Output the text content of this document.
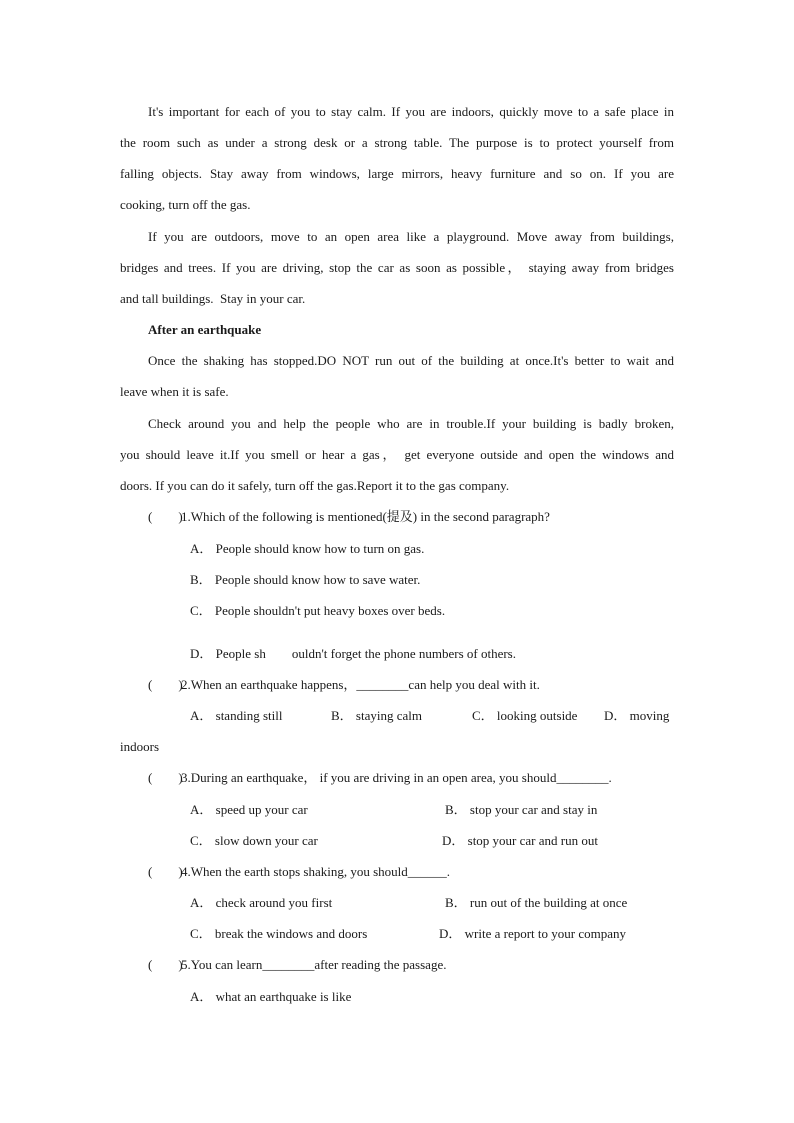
It's important for each of you to stay calm. If you are indoors, quickly move to a safe place in
the room such as under a strong desk or a strong table. The purpose is to protect yourself from
falling objects. Stay away from windows, large mirrors, heavy furniture and so on. If you are
cooking, turn off the gas.
If you are outdoors, move to an open area like a playground. Move away from buildings,
bridges and trees. If you are driving, stop the car as soon as possible， staying away from bridges
and tall buildings.  Stay in your car.
After an earthquake
Once the shaking has stopped.DO NOT run out of the building at once.It's better to wait and
leave when it is safe.
Check around you and help the people who are in trouble.If your building is badly broken,
you should leave it.If you smell or hear a gas， get everyone outside and open the windows and
doors. If you can do it safely, turn off the gas.Report it to the gas company.
(        )
1.Which of the following is mentioned(提及) in the second paragraph?
A． People should know how to turn on gas.
B． People should know how to save water.
C． People shouldn't put heavy boxes over beds.
D． People sh        ouldn't forget the phone numbers of others.
(        )
2.When an earthquake happens，________can help you deal with it.
A． standing still	B． staying calm	C． looking outside D． moving
indoors
(        )
3.During an earthquake， if you are driving in an open area, you should________.
A． speed up your car	B． stop your car and stay in
C． slow down your car	D． stop your car and run out
(        )
4.When the earth stops shaking, you should______.
A． check around you first	B． run out of the building at once
C． break the windows and doors	D． write a report to your company
(        )
5.You can learn________after reading the passage.
A． what an earthquake is like
